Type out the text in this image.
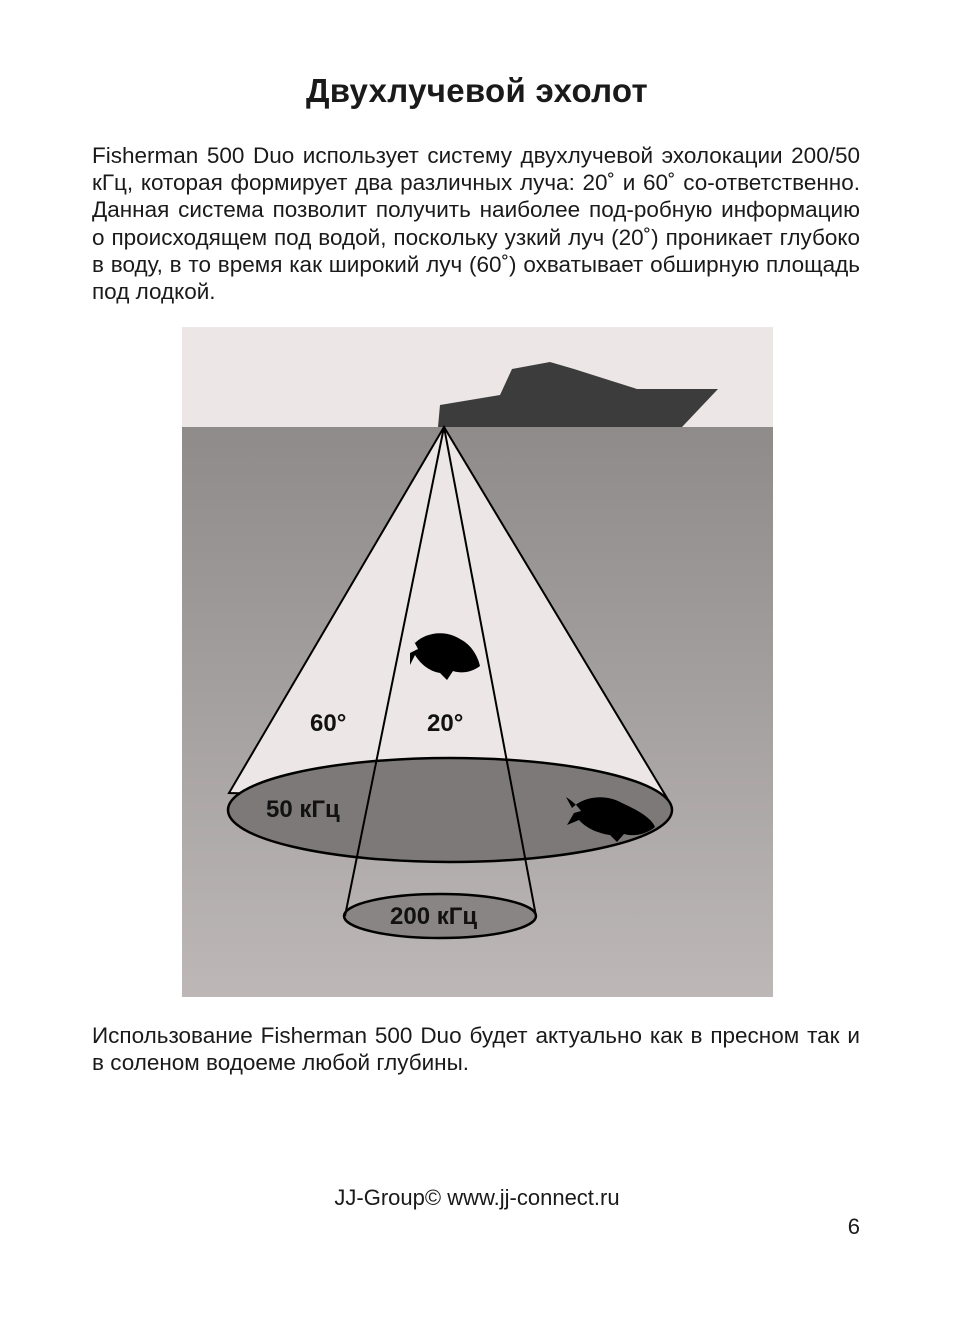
Двухлучевой эхолот

Fisherman 500 Duo использует систему двухлучевой эхолокации 200/50 кГц, которая формирует два различных луча: 20˚ и 60˚ со-ответственно. Данная система позволит получить наиболее под-робную информацию о происходящем под водой, поскольку узкий луч (20˚) проникает глубоко в воду, в то время как широкий луч (60˚) охватывает обширную площадь под лодкой.

60°	20°
50 кГц
200 кГц

Использование Fisherman 500 Duo будет актуально как в пресном так и в соленом водоеме любой глубины.

JJ-Group© www.jj-connect.ru

6
